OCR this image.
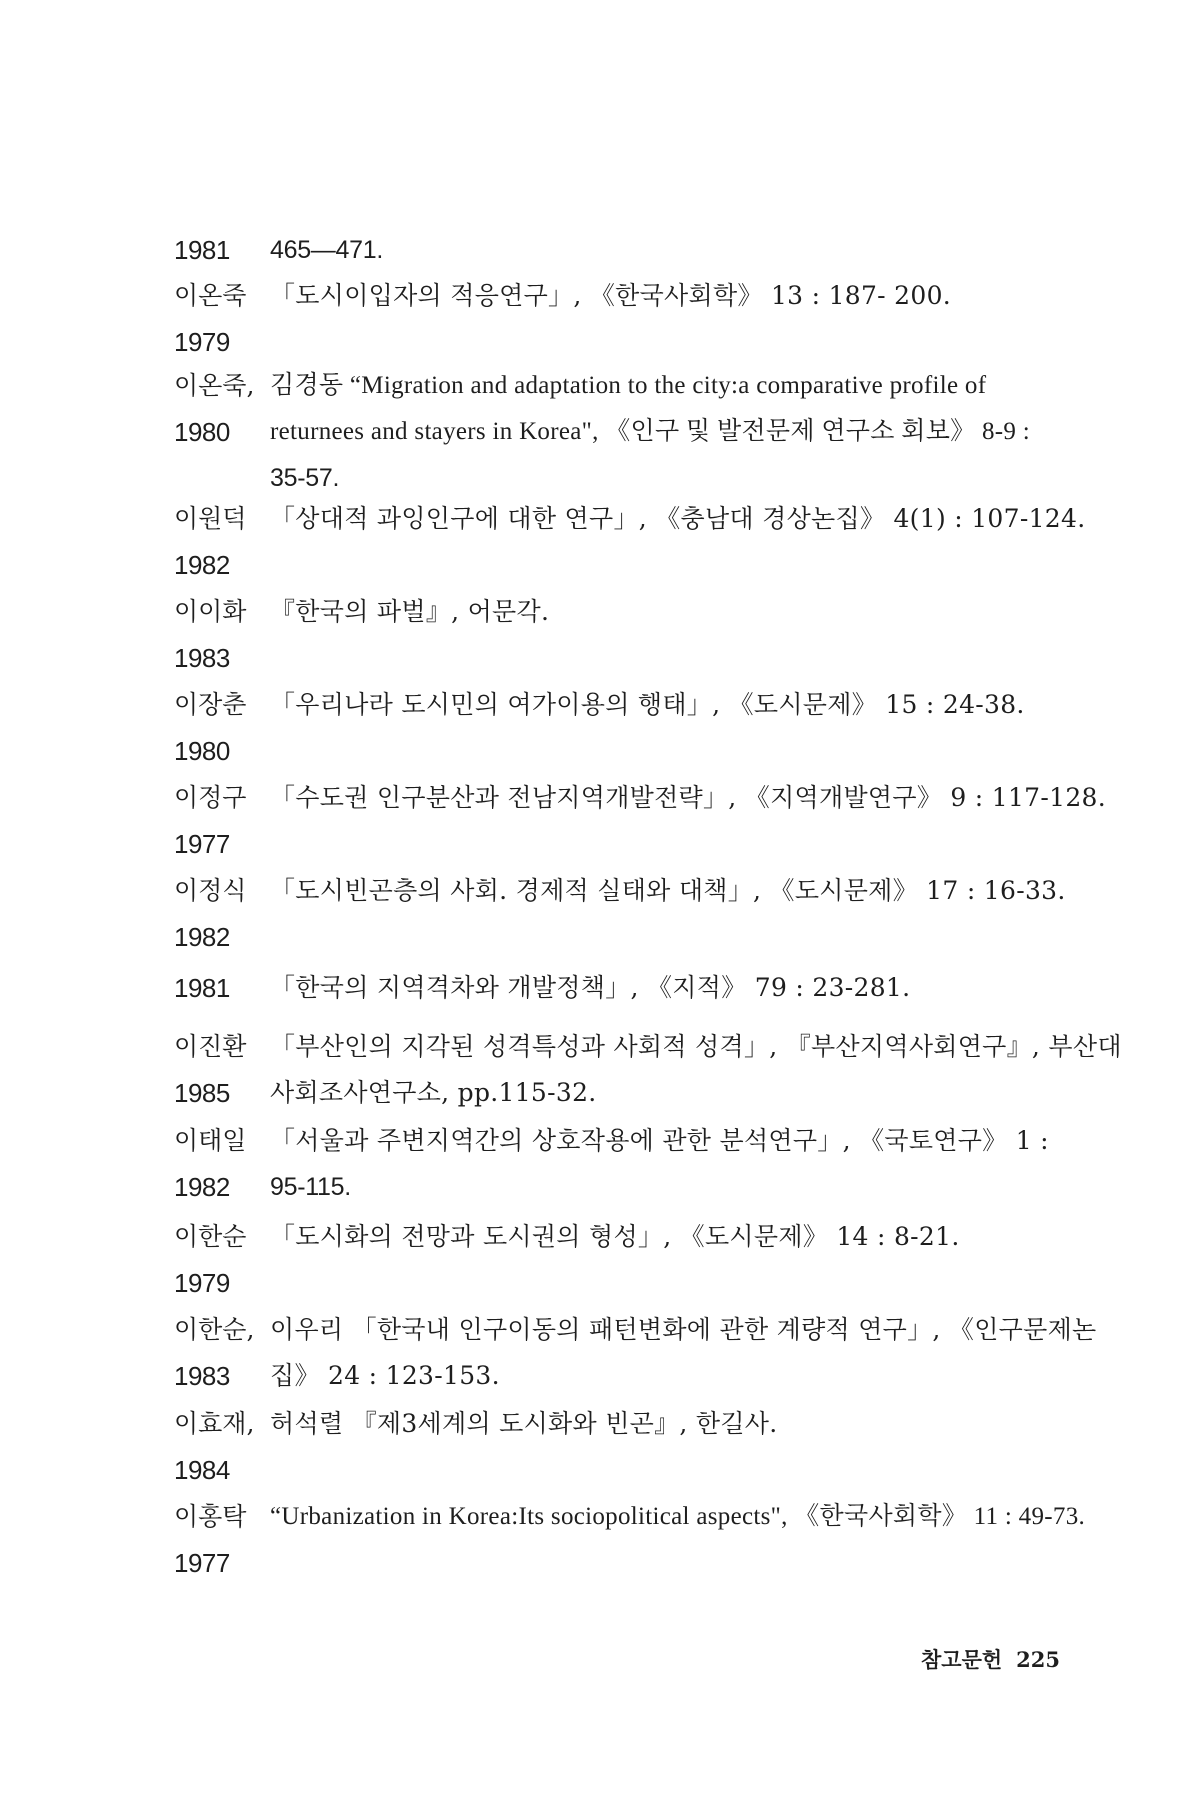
1981 465—471.
이온죽
1979
「도시이입자의 적응연구」, 《한국사회학》 13 : 187- 200.
이온죽,
1980
김경동 “Migration and adaptation to the city:a comparative profile of
returnees and stayers in Korea", 《인구 및 발전문제 연구소 회보》 8-9 :
35-57.
이원덕
1982
「상대적 과잉인구에 대한 연구」, 《충남대 경상논집》 4(1) : 107-124.
이이화
1983
『한국의 파벌』, 어문각.
이장춘
1980
「우리나라 도시민의 여가이용의 행태」, 《도시문제》 15 : 24-38.
이정구
1977
「수도권 인구분산과 전남지역개발전략」, 《지역개발연구》 9 : 117-128.
이정식
1982
「도시빈곤층의 사회. 경제적 실태와 대책」, 《도시문제》 17 : 16-33.
1981 「한국의 지역격차와 개발정책」, 《지적》 79 : 23-281.
이진환
1985
「부산인의 지각된 성격특성과 사회적 성격」, 『부산지역사회연구』, 부산대
사회조사연구소, pp.115-32.
이태일
1982
「서울과 주변지역간의 상호작용에 관한 분석연구」, 《국토연구》 1 :
95-115.
이한순
1979
「도시화의 전망과 도시권의 형성」, 《도시문제》 14 : 8-21.
이한순,
1983
이우리 「한국내 인구이동의 패턴변화에 관한 계량적 연구」, 《인구문제논
집》 24 : 123-153.
이효재,
1984
허석렬 『제3세계의 도시화와 빈곤』, 한길사.
이홍탁
1977
“Urbanization in Korea:Its sociopolitical aspects", 《한국사회학》 11 : 49-73.
참고문헌 225
